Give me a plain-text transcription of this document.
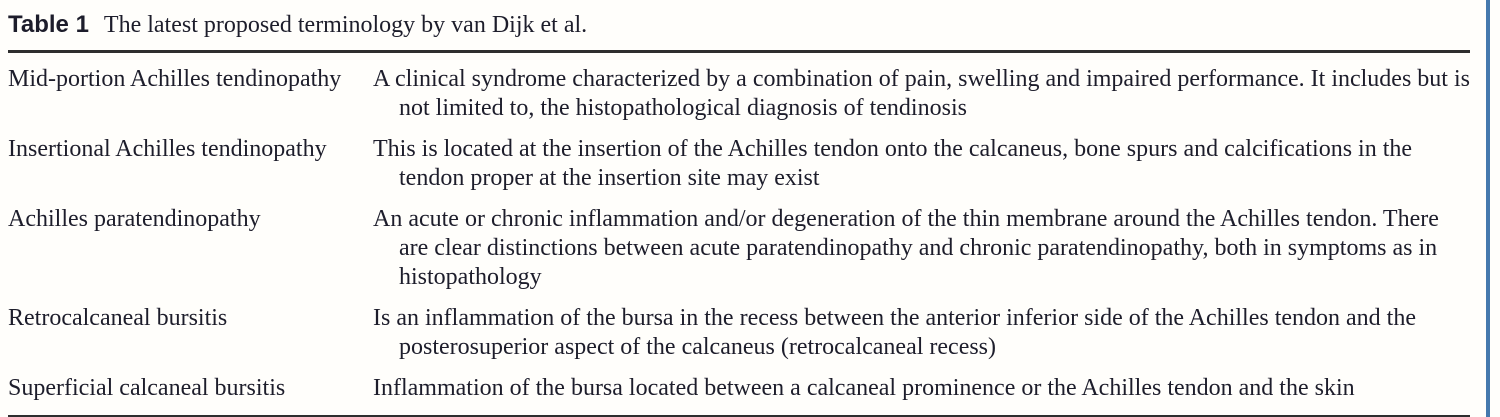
Table 1 The latest proposed terminology by van Dijk et al.
Mid-portion Achilles tendinopathy	A clinical syndrome characterized by a combination of pain, swelling and impaired performance. It includes but is not limited to, the histopathological diagnosis of tendinosis
Insertional Achilles tendinopathy	This is located at the insertion of the Achilles tendon onto the calcaneus, bone spurs and calcifications in the tendon proper at the insertion site may exist
Achilles paratendinopathy	An acute or chronic inflammation and/or degeneration of the thin membrane around the Achilles tendon. There are clear distinctions between acute paratendinopathy and chronic paratendinopathy, both in symptoms as in histopathology
Retrocalcaneal bursitis	Is an inflammation of the bursa in the recess between the anterior inferior side of the Achilles tendon and the posterosuperior aspect of the calcaneus (retrocalcaneal recess)
Superficial calcaneal bursitis	Inflammation of the bursa located between a calcaneal prominence or the Achilles tendon and the skin
